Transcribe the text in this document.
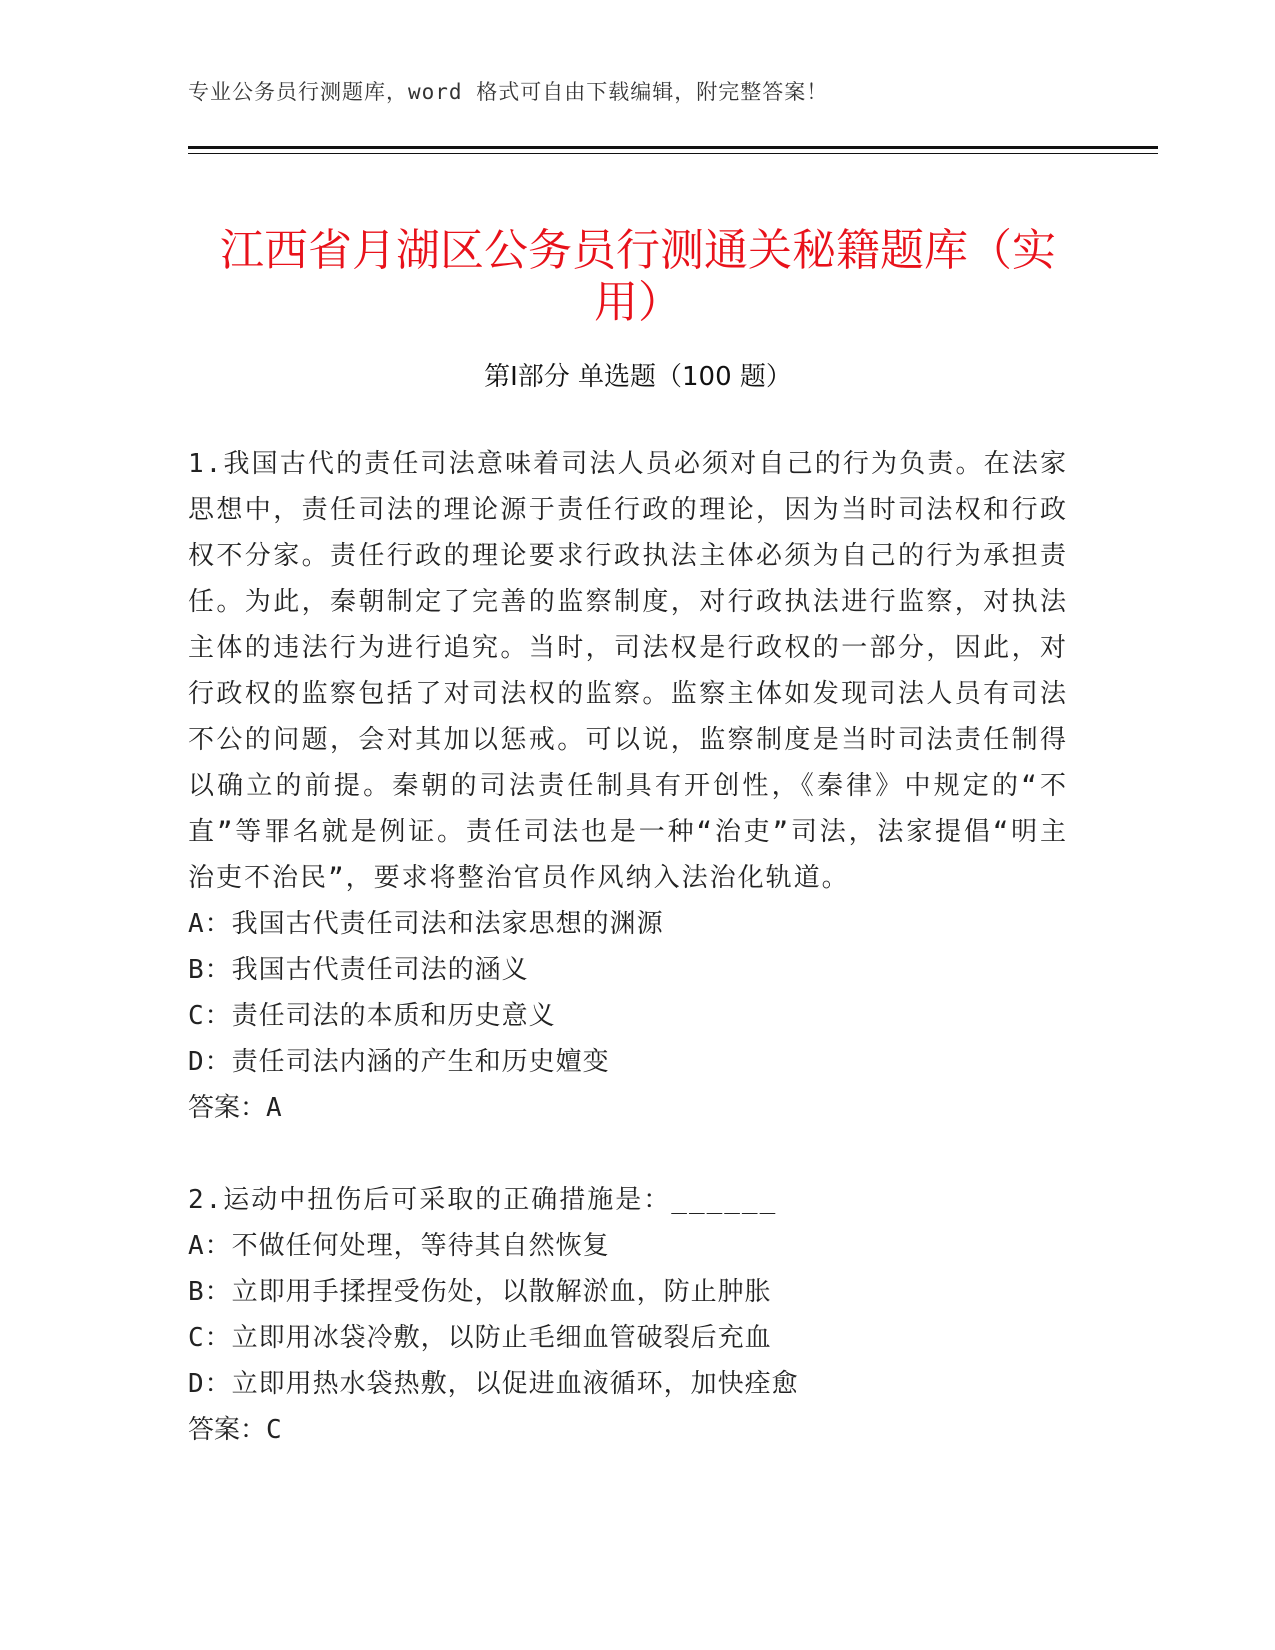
专业公务员行测题库，word 格式可自由下载编辑，附完整答案！
江西省月湖区公务员行测通关秘籍题库（实用）
第Ⅰ部分 单选题（100 题）

1.我国古代的责任司法意味着司法人员必须对自己的行为负责。在法家思想中，责任司法的理论源于责任行政的理论，因为当时司法权和行政权不分家。责任行政的理论要求行政执法主体必须为自己的行为承担责任。为此，秦朝制定了完善的监察制度，对行政执法进行监察，对执法主体的违法行为进行追究。当时，司法权是行政权的一部分，因此，对行政权的监察包括了对司法权的监察。监察主体如发现司法人员有司法不公的问题，会对其加以惩戒。可以说，监察制度是当时司法责任制得以确立的前提。秦朝的司法责任制具有开创性，《秦律》中规定的“不直”等罪名就是例证。责任司法也是一种“治吏”司法，法家提倡“明主治吏不治民”，要求将整治官员作风纳入法治化轨道。

A：我国古代责任司法和法家思想的渊源

B：我国古代责任司法的涵义

C：责任司法的本质和历史意义

D：责任司法内涵的产生和历史嬗变

答案：A

2.运动中扭伤后可采取的正确措施是：______

A：不做任何处理，等待其自然恢复

B：立即用手揉捏受伤处，以散解淤血，防止肿胀

C：立即用冰袋冷敷，以防止毛细血管破裂后充血

D：立即用热水袋热敷，以促进血液循环，加快痊愈

答案：C
